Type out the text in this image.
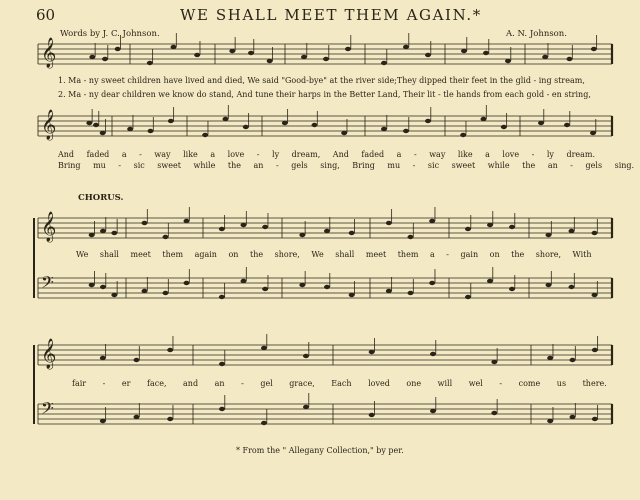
60	WE SHALL MEET THEM AGAIN.*
Words by J. C. Johnson.	A. N. Johnson.
𝄞
𝄞
𝄞
𝄢
𝄞
𝄢
1. Ma - ny sweet children have lived and died, We said "Good-bye" at the river side;They dipped their feet in the glid - ing stream,
2. Ma - ny dear children we know do stand, And tune their harps in the Better Land, Their lit - tle hands from each gold - en string,
And faded a - way like a love - ly dream, And faded a - way like a love - ly dream.
Bring mu - sic sweet while the an - gels sing, Bring mu - sic sweet while the an - gels sing.
CHORUS.
We shall meet them again on the shore, We shall meet them a - gain on the shore, With
fair - er face, and an - gel grace, Each loved one will wel - come us there.
* From the " Allegany Collection," by per.
